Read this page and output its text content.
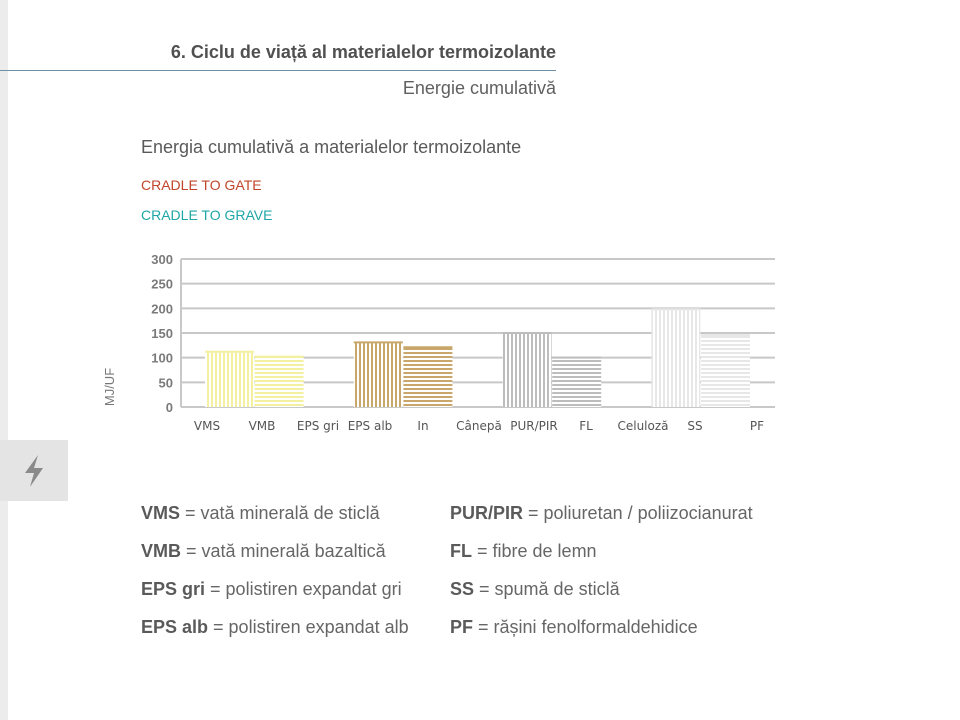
6. Ciclu de viață al materialelor termoizolante
Energie cumulativă
Energia cumulativă a materialelor termoizolante
CRADLE TO GATE
CRADLE TO GRAVE
0
50
100
150
200
250
300
MJ/UF
VMS VMB EPS gri EPS alb In Cânepă PUR/PIR FL Celuloză SS	PF
VMS = vată minerală de sticlă
VMB = vată minerală bazaltică
EPS gri = polistiren expandat gri
EPS alb = polistiren expandat alb
PUR/PIR = poliuretan / poliizocianurat
FL = fibre de lemn
SS = spumă de sticlă
PF = rășini fenolformaldehidice
